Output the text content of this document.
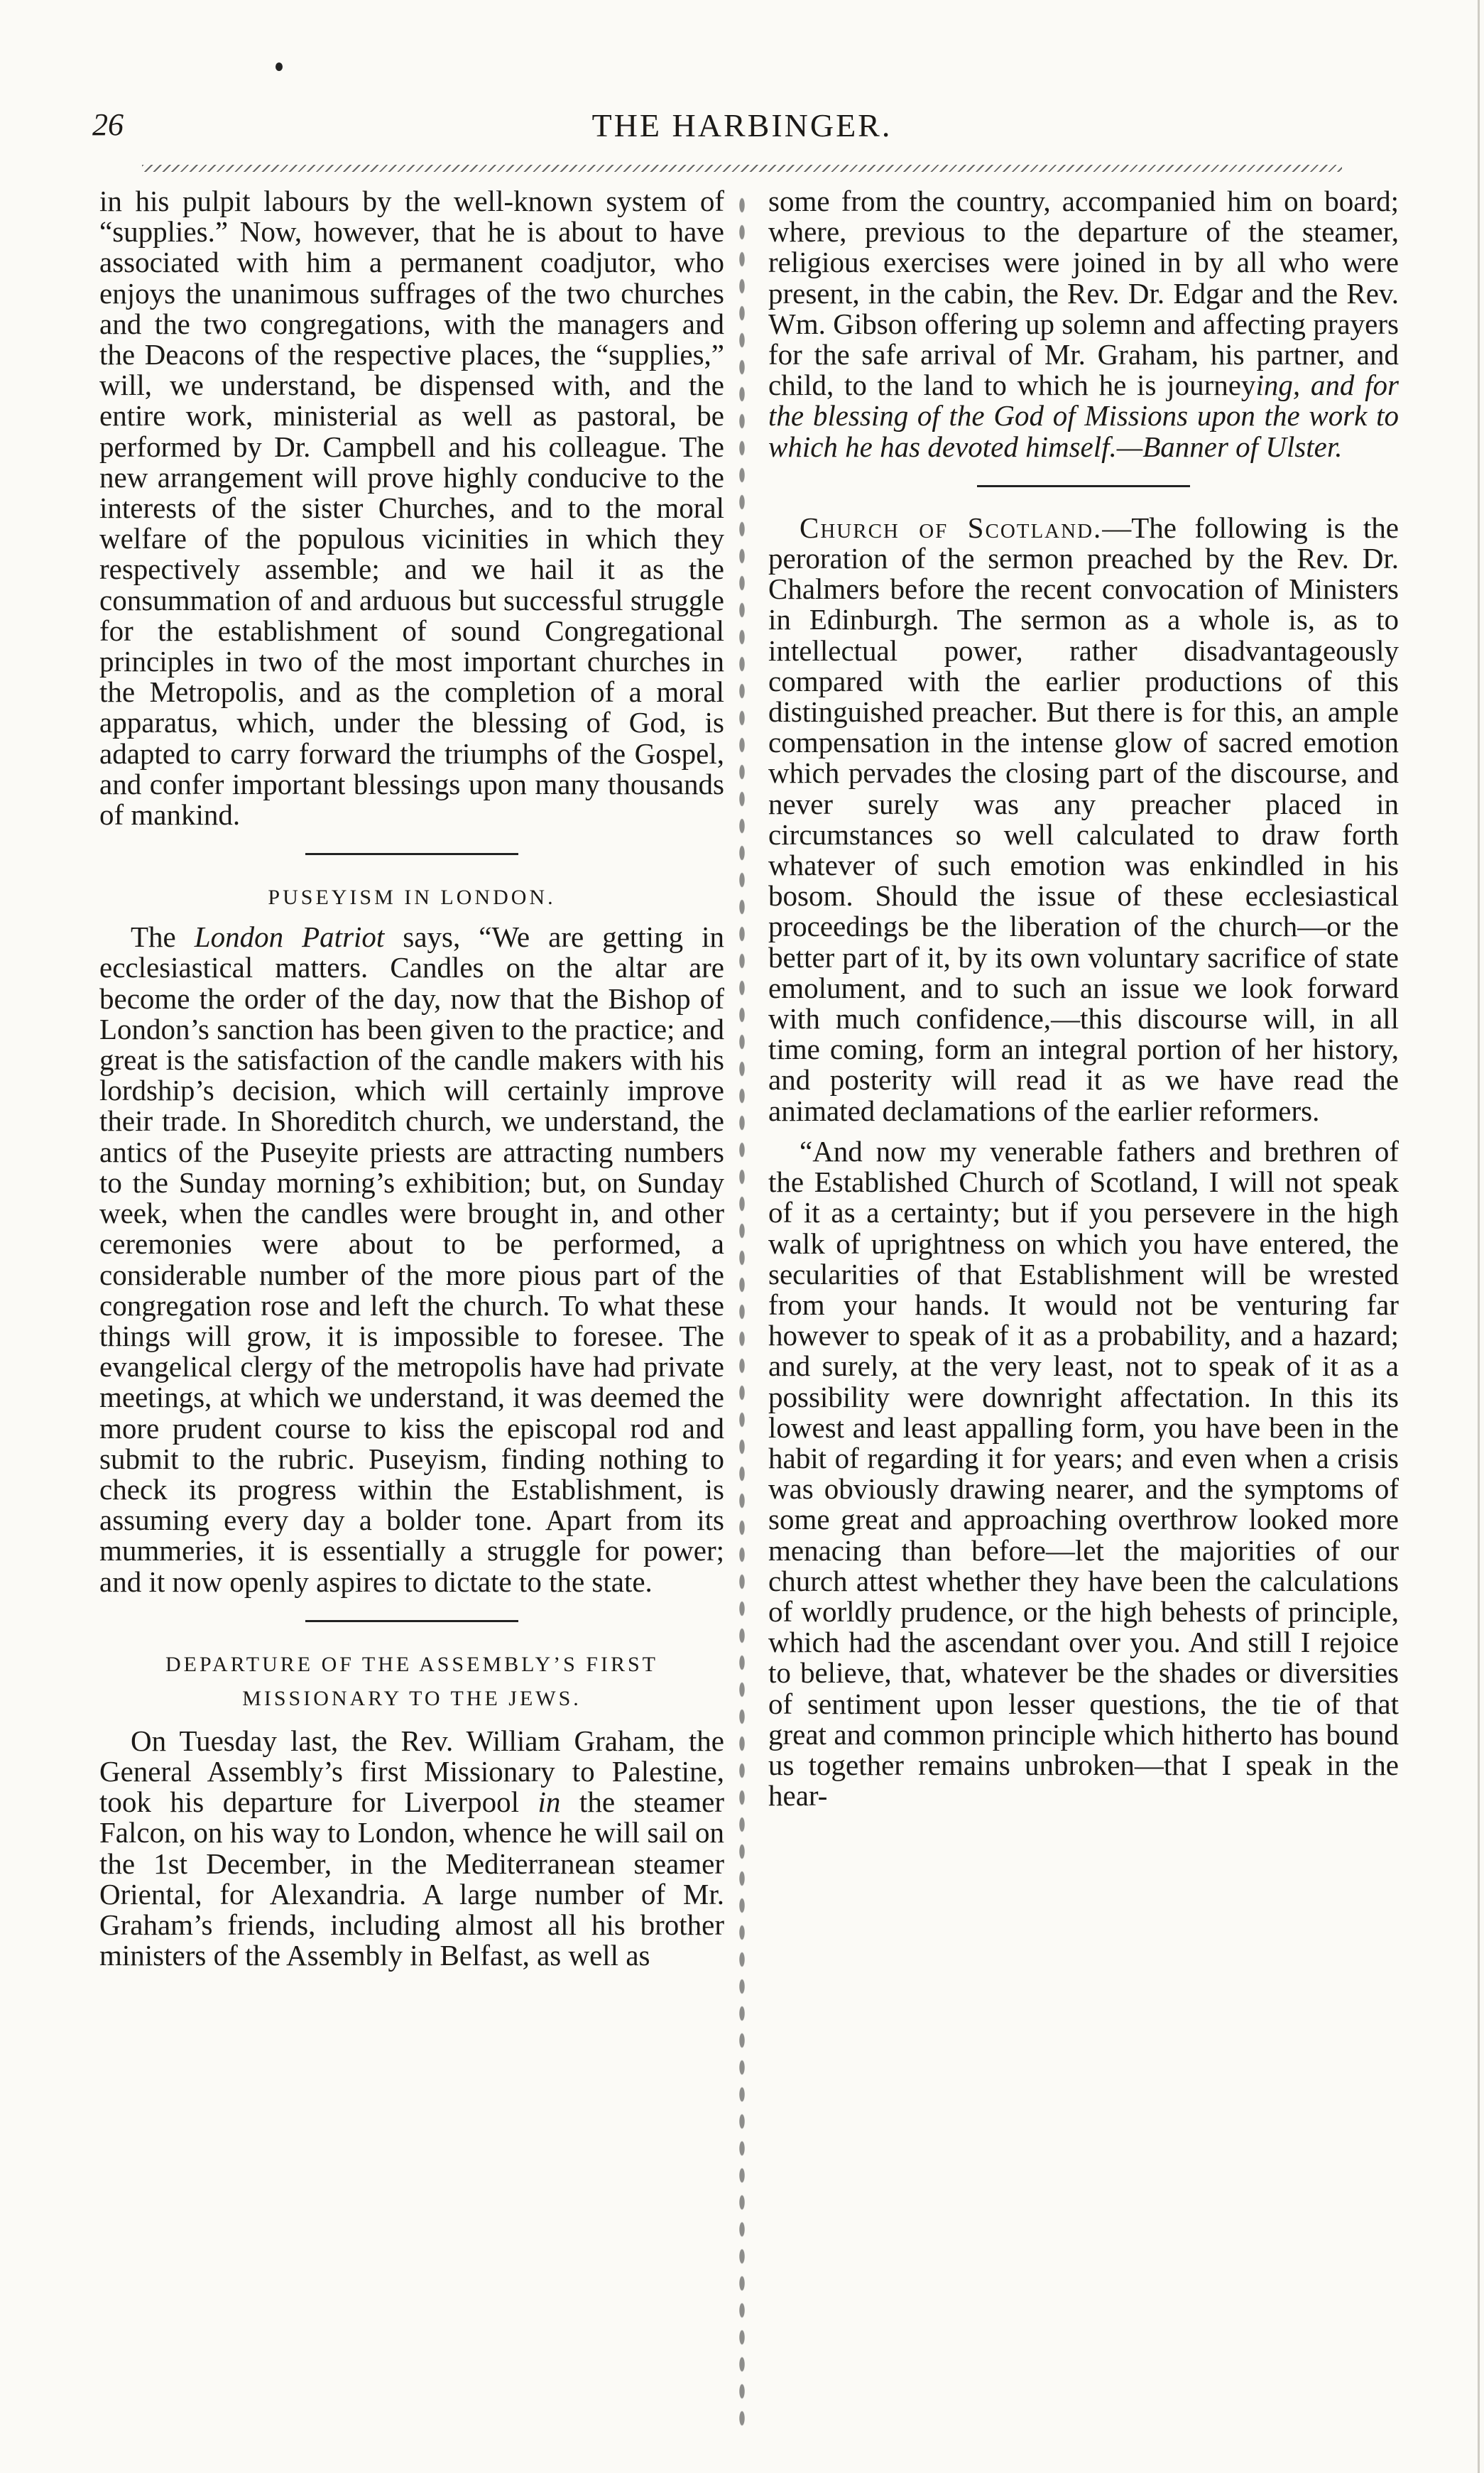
26	THE HARBINGER.

in his pulpit labours by the well-known system of “supplies.” Now, however, that he is about to have associated with him a permanent coadjutor, who enjoys the unanimous suffrages of the two churches and the two congregations, with the managers and the Deacons of the respective places, the “supplies,” will, we understand, be dispensed with, and the entire work, ministerial as well as pastoral, be performed by Dr. Campbell and his colleague. The new arrangement will prove highly conducive to the interests of the sister Churches, and to the moral welfare of the populous vicinities in which they respectively assemble; and we hail it as the consummation of and arduous but successful struggle for the establishment of sound Congregational principles in two of the most important churches in the Metropolis, and as the completion of a moral apparatus, which, under the blessing of God, is adapted to carry forward the triumphs of the Gospel, and confer important blessings upon many thousands of mankind.

PUSEYISM IN LONDON.

The London Patriot says, “We are getting in ecclesiastical matters. Candles on the altar are become the order of the day, now that the Bishop of London’s sanction has been given to the practice; and great is the satisfaction of the candle makers with his lordship’s decision, which will certainly improve their trade. In Shoreditch church, we understand, the antics of the Puseyite priests are attracting numbers to the Sunday morning’s exhibition; but, on Sunday week, when the candles were brought in, and other ceremonies were about to be performed, a considerable number of the more pious part of the congregation rose and left the church. To what these things will grow, it is impossible to foresee. The evangelical clergy of the metropolis have had private meetings, at which we understand, it was deemed the more prudent course to kiss the episcopal rod and submit to the rubric. Puseyism, finding nothing to check its progress within the Establishment, is assuming every day a bolder tone. Apart from its mummeries, it is essentially a struggle for power; and it now openly aspires to dictate to the state.

DEPARTURE OF THE ASSEMBLY’S FIRST
MISSIONARY TO THE JEWS.

On Tuesday last, the Rev. William Graham, the General Assembly’s first Missionary to Palestine, took his departure for Liverpool in the steamer Falcon, on his way to London, whence he will sail on the 1st December, in the Mediterranean steamer Oriental, for Alexandria. A large number of Mr. Graham’s friends, including almost all his brother ministers of the Assembly in Belfast, as well as

some from the country, accompanied him on board; where, previous to the departure of the steamer, religious exercises were joined in by all who were present, in the cabin, the Rev. Dr. Edgar and the Rev. Wm. Gibson offering up solemn and affecting prayers for the safe arrival of Mr. Graham, his partner, and child, to the land to which he is journeying, and for the blessing of the God of Missions upon the work to which he has devoted himself.—Banner of Ulster.

Church of Scotland.—The following is the peroration of the sermon preached by the Rev. Dr. Chalmers before the recent convocation of Ministers in Edinburgh. The sermon as a whole is, as to intellectual power, rather disadvantageously compared with the earlier productions of this distinguished preacher. But there is for this, an ample compensation in the intense glow of sacred emotion which pervades the closing part of the discourse, and never surely was any preacher placed in circumstances so well calculated to draw forth whatever of such emotion was enkindled in his bosom. Should the issue of these ecclesiastical proceedings be the liberation of the church—or the better part of it, by its own voluntary sacrifice of state emolument, and to such an issue we look forward with much confidence,—this discourse will, in all time coming, form an integral portion of her history, and posterity will read it as we have read the animated declamations of the earlier reformers.

“And now my venerable fathers and brethren of the Established Church of Scotland, I will not speak of it as a certainty; but if you persevere in the high walk of uprightness on which you have entered, the secularities of that Establishment will be wrested from your hands. It would not be venturing far however to speak of it as a probability, and a hazard; and surely, at the very least, not to speak of it as a possibility were downright affectation. In this its lowest and least appalling form, you have been in the habit of regarding it for years; and even when a crisis was obviously drawing nearer, and the symptoms of some great and approaching overthrow looked more menacing than before—let the majorities of our church attest whether they have been the calculations of worldly prudence, or the high behests of principle, which had the ascendant over you. And still I rejoice to believe, that, whatever be the shades or diversities of sentiment upon lesser questions, the tie of that great and common principle which hitherto has bound us together remains unbroken—that I speak in the hear-
